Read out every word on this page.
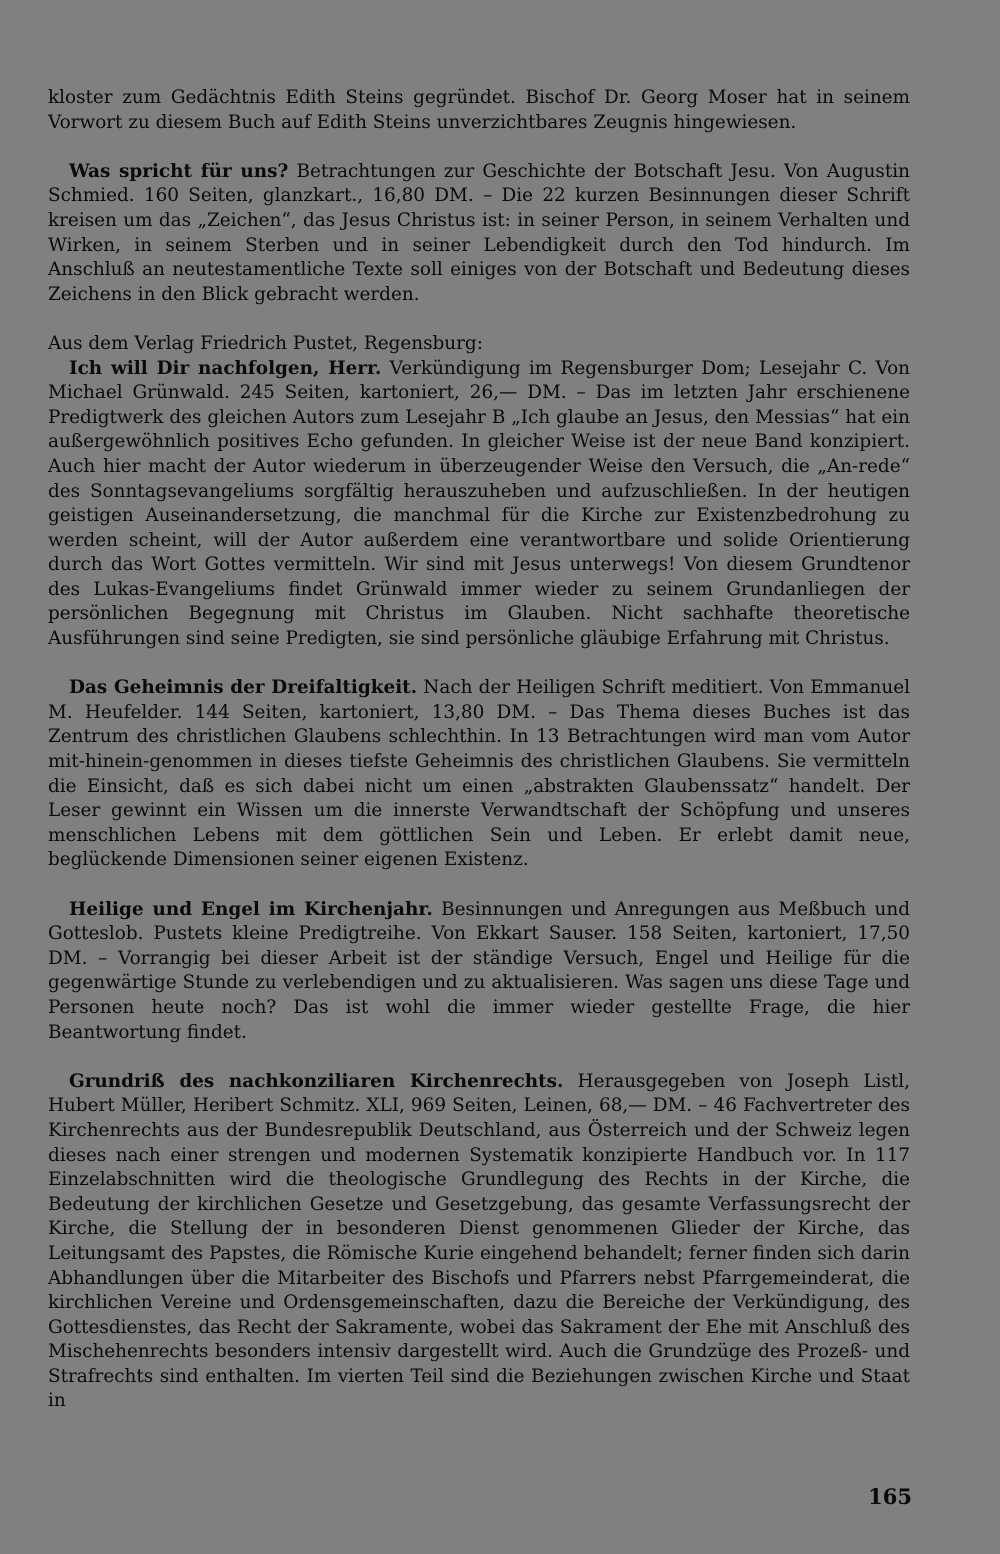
kloster zum Gedächtnis Edith Steins gegründet. Bischof Dr. Georg Moser hat in seinem Vorwort zu diesem Buch auf Edith Steins unverzichtbares Zeugnis hingewiesen.

Was spricht für uns? Betrachtungen zur Geschichte der Botschaft Jesu. Von Augustin Schmied. 160 Seiten, glanzkart., 16,80 DM. – Die 22 kurzen Besinnungen dieser Schrift kreisen um das „Zeichen“, das Jesus Christus ist: in seiner Person, in seinem Verhalten und Wirken, in seinem Sterben und in seiner Lebendigkeit durch den Tod hindurch. Im Anschluß an neutestamentliche Texte soll einiges von der Botschaft und Bedeutung dieses Zeichens in den Blick gebracht werden.

Aus dem Verlag Friedrich Pustet, Regensburg:

Ich will Dir nachfolgen, Herr. Verkündigung im Regensburger Dom; Lesejahr C. Von Michael Grünwald. 245 Seiten, kartoniert, 26,— DM. – Das im letzten Jahr erschienene Predigtwerk des gleichen Autors zum Lesejahr B „Ich glaube an Jesus, den Messias“ hat ein außergewöhnlich positives Echo gefunden. In gleicher Weise ist der neue Band konzipiert. Auch hier macht der Autor wiederum in überzeugender Weise den Versuch, die „An-rede“ des Sonntagsevangeliums sorgfältig herauszuheben und aufzuschließen. In der heutigen geistigen Auseinandersetzung, die manchmal für die Kirche zur Existenzbedrohung zu werden scheint, will der Autor außerdem eine verantwortbare und solide Orientierung durch das Wort Gottes vermitteln. Wir sind mit Jesus unterwegs! Von diesem Grundtenor des Lukas-Evangeliums findet Grünwald immer wieder zu seinem Grundanliegen der persönlichen Begegnung mit Christus im Glauben. Nicht sachhafte theoretische Ausführungen sind seine Predigten, sie sind persönliche gläubige Erfahrung mit Christus.

Das Geheimnis der Dreifaltigkeit. Nach der Heiligen Schrift meditiert. Von Emmanuel M. Heufelder. 144 Seiten, kartoniert, 13,80 DM. – Das Thema dieses Buches ist das Zentrum des christlichen Glaubens schlechthin. In 13 Betrachtungen wird man vom Autor mit-hinein-genommen in dieses tiefste Geheimnis des christlichen Glaubens. Sie vermitteln die Einsicht, daß es sich dabei nicht um einen „abstrakten Glaubenssatz“ handelt. Der Leser gewinnt ein Wissen um die innerste Verwandtschaft der Schöpfung und unseres menschlichen Lebens mit dem göttlichen Sein und Leben. Er erlebt damit neue, beglückende Dimensionen seiner eigenen Existenz.

Heilige und Engel im Kirchenjahr. Besinnungen und Anregungen aus Meßbuch und Gotteslob. Pustets kleine Predigtreihe. Von Ekkart Sauser. 158 Seiten, kartoniert, 17,50 DM. – Vorrangig bei dieser Arbeit ist der ständige Versuch, Engel und Heilige für die gegenwärtige Stunde zu verlebendigen und zu aktualisieren. Was sagen uns diese Tage und Personen heute noch? Das ist wohl die immer wieder gestellte Frage, die hier Beantwortung findet.

Grundriß des nachkonziliaren Kirchenrechts. Herausgegeben von Joseph Listl, Hubert Müller, Heribert Schmitz. XLI, 969 Seiten, Leinen, 68,— DM. – 46 Fachvertreter des Kirchenrechts aus der Bundesrepublik Deutschland, aus Österreich und der Schweiz legen dieses nach einer strengen und modernen Systematik konzipierte Handbuch vor. In 117 Einzelabschnitten wird die theologische Grundlegung des Rechts in der Kirche, die Bedeutung der kirchlichen Gesetze und Gesetzgebung, das gesamte Verfassungsrecht der Kirche, die Stellung der in besonderen Dienst genommenen Glieder der Kirche, das Leitungsamt des Papstes, die Römische Kurie eingehend behandelt; ferner finden sich darin Abhandlungen über die Mitarbeiter des Bischofs und Pfarrers nebst Pfarrgemeinderat, die kirchlichen Vereine und Ordensgemeinschaften, dazu die Bereiche der Verkündigung, des Gottesdienstes, das Recht der Sakramente, wobei das Sakrament der Ehe mit Anschluß des Mischehenrechts besonders intensiv dargestellt wird. Auch die Grundzüge des Prozeß- und Strafrechts sind enthalten. Im vierten Teil sind die Beziehungen zwischen Kirche und Staat in

165
